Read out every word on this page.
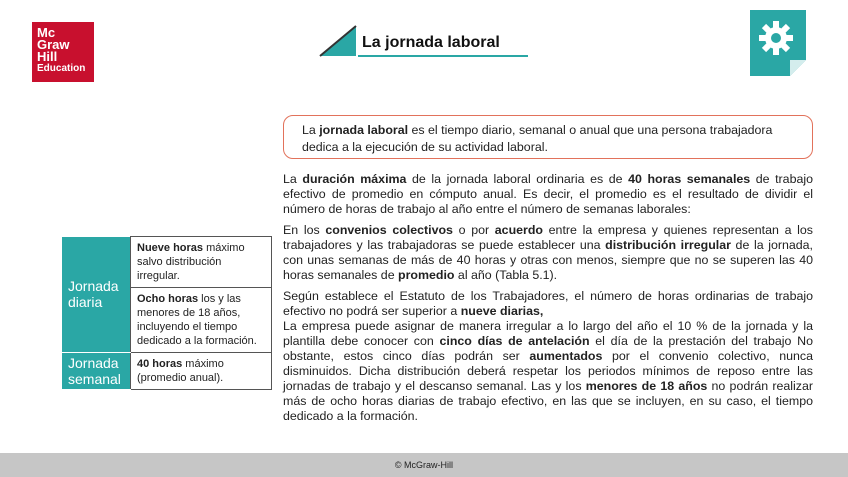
Mc
Graw
Hill
Education
La jornada laboral
La jornada laboral es el tiempo diario, semanal o anual que una persona trabajadora dedica a la ejecución de su actividad laboral.

La duración máxima de la jornada laboral ordinaria es de 40 horas semanales de trabajo efectivo de promedio en cómputo anual. Es decir, el promedio es el resultado de dividir el número de horas de trabajo al año entre el número de semanas laborales:

En los convenios colectivos o por acuerdo entre la empresa y quienes representan a los trabajadores y las trabajadoras se puede establecer una distribución irregular de la jornada, con unas semanas de más de 40 horas y otras con menos, siempre que no se superen las 40 horas semanales de promedio al año (Tabla 5.1).

Según establece el Estatuto de los Trabajadores, el número de horas ordinarias de trabajo efectivo no podrá ser superior a nueve diarias,

La empresa puede asignar de manera irregular a lo largo del año el 10 % de la jornada y la plantilla debe conocer con cinco días de antelación el día de la prestación del trabajo No obstante, estos cinco días podrán ser aumentados por el convenio colectivo, nunca disminuidos. Dicha distribución deberá respetar los periodos mínimos de reposo entre las jornadas de trabajo y el descanso semanal. Las y los menores de 18 años no podrán realizar más de ocho horas diarias de trabajo efectivo, en las que se incluyen, en su caso, el tiempo dedicado a la formación.

Jornada diaria	Nueve horas máximo salvo distribución irregular.
	Ocho horas los y las menores de 18 años, incluyendo el tiempo dedicado a la formación.
Jornada semanal	40 horas máximo (promedio anual).
© McGraw-Hill
